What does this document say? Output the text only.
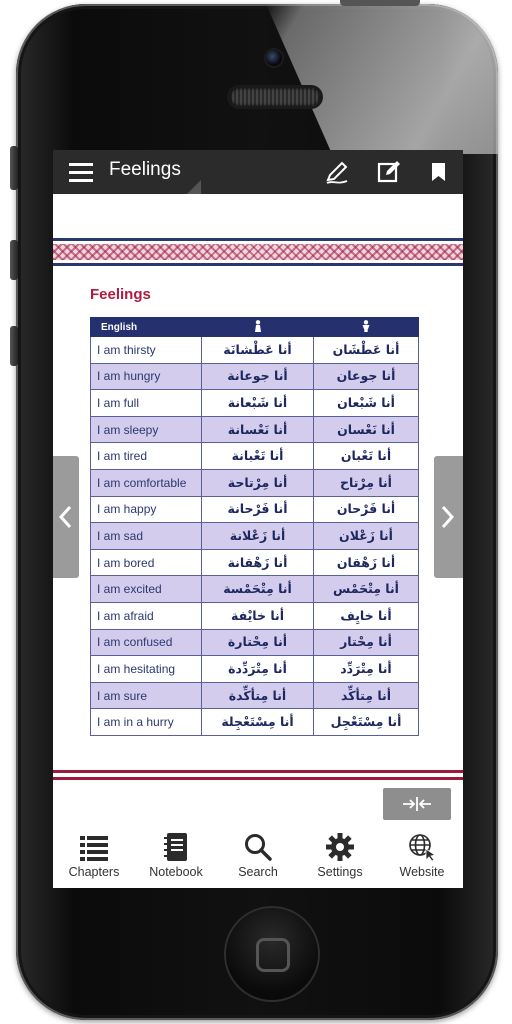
Feelings
Feelings
English		
I am thirsty	أنا عَطْشانَة	أنا عَطْشَان
I am hungry	أنا جوعانة	أنا جوعان
I am full	أنا شَبْعانة	أنا شَبْعان
I am sleepy	أنا نَعْسانة	أنا نَعْسان
I am tired	أنا تَعْبانة	أنا تَعْبان
I am comfortable	أنا مِرْتاحة	أنا مِرْتاح
I am happy	أنا فَرْحانة	أنا فَرْحان
I am sad	أنا زَعْلانة	أنا زَعْلان
I am bored	أنا زَهْقانة	أنا زَهْقان
I am excited	أنا مِتْحَمْسة	أنا مِتْحَمْس
I am afraid	أنا خايْفة	أنا خايِف
I am confused	أنا مِحْتارة	أنا مِحْتار
I am hesitating	أنا مِتْرَدِّدة	أنا مِتْرَدِّد
I am sure	أنا مِتأكِّدة	أنا مِتأكِّد
I am in a hurry	أنا مِسْتَعْجِلة	أنا مِسْتَعْجِل
Chapters	Notebook	Search	Settings	Website
